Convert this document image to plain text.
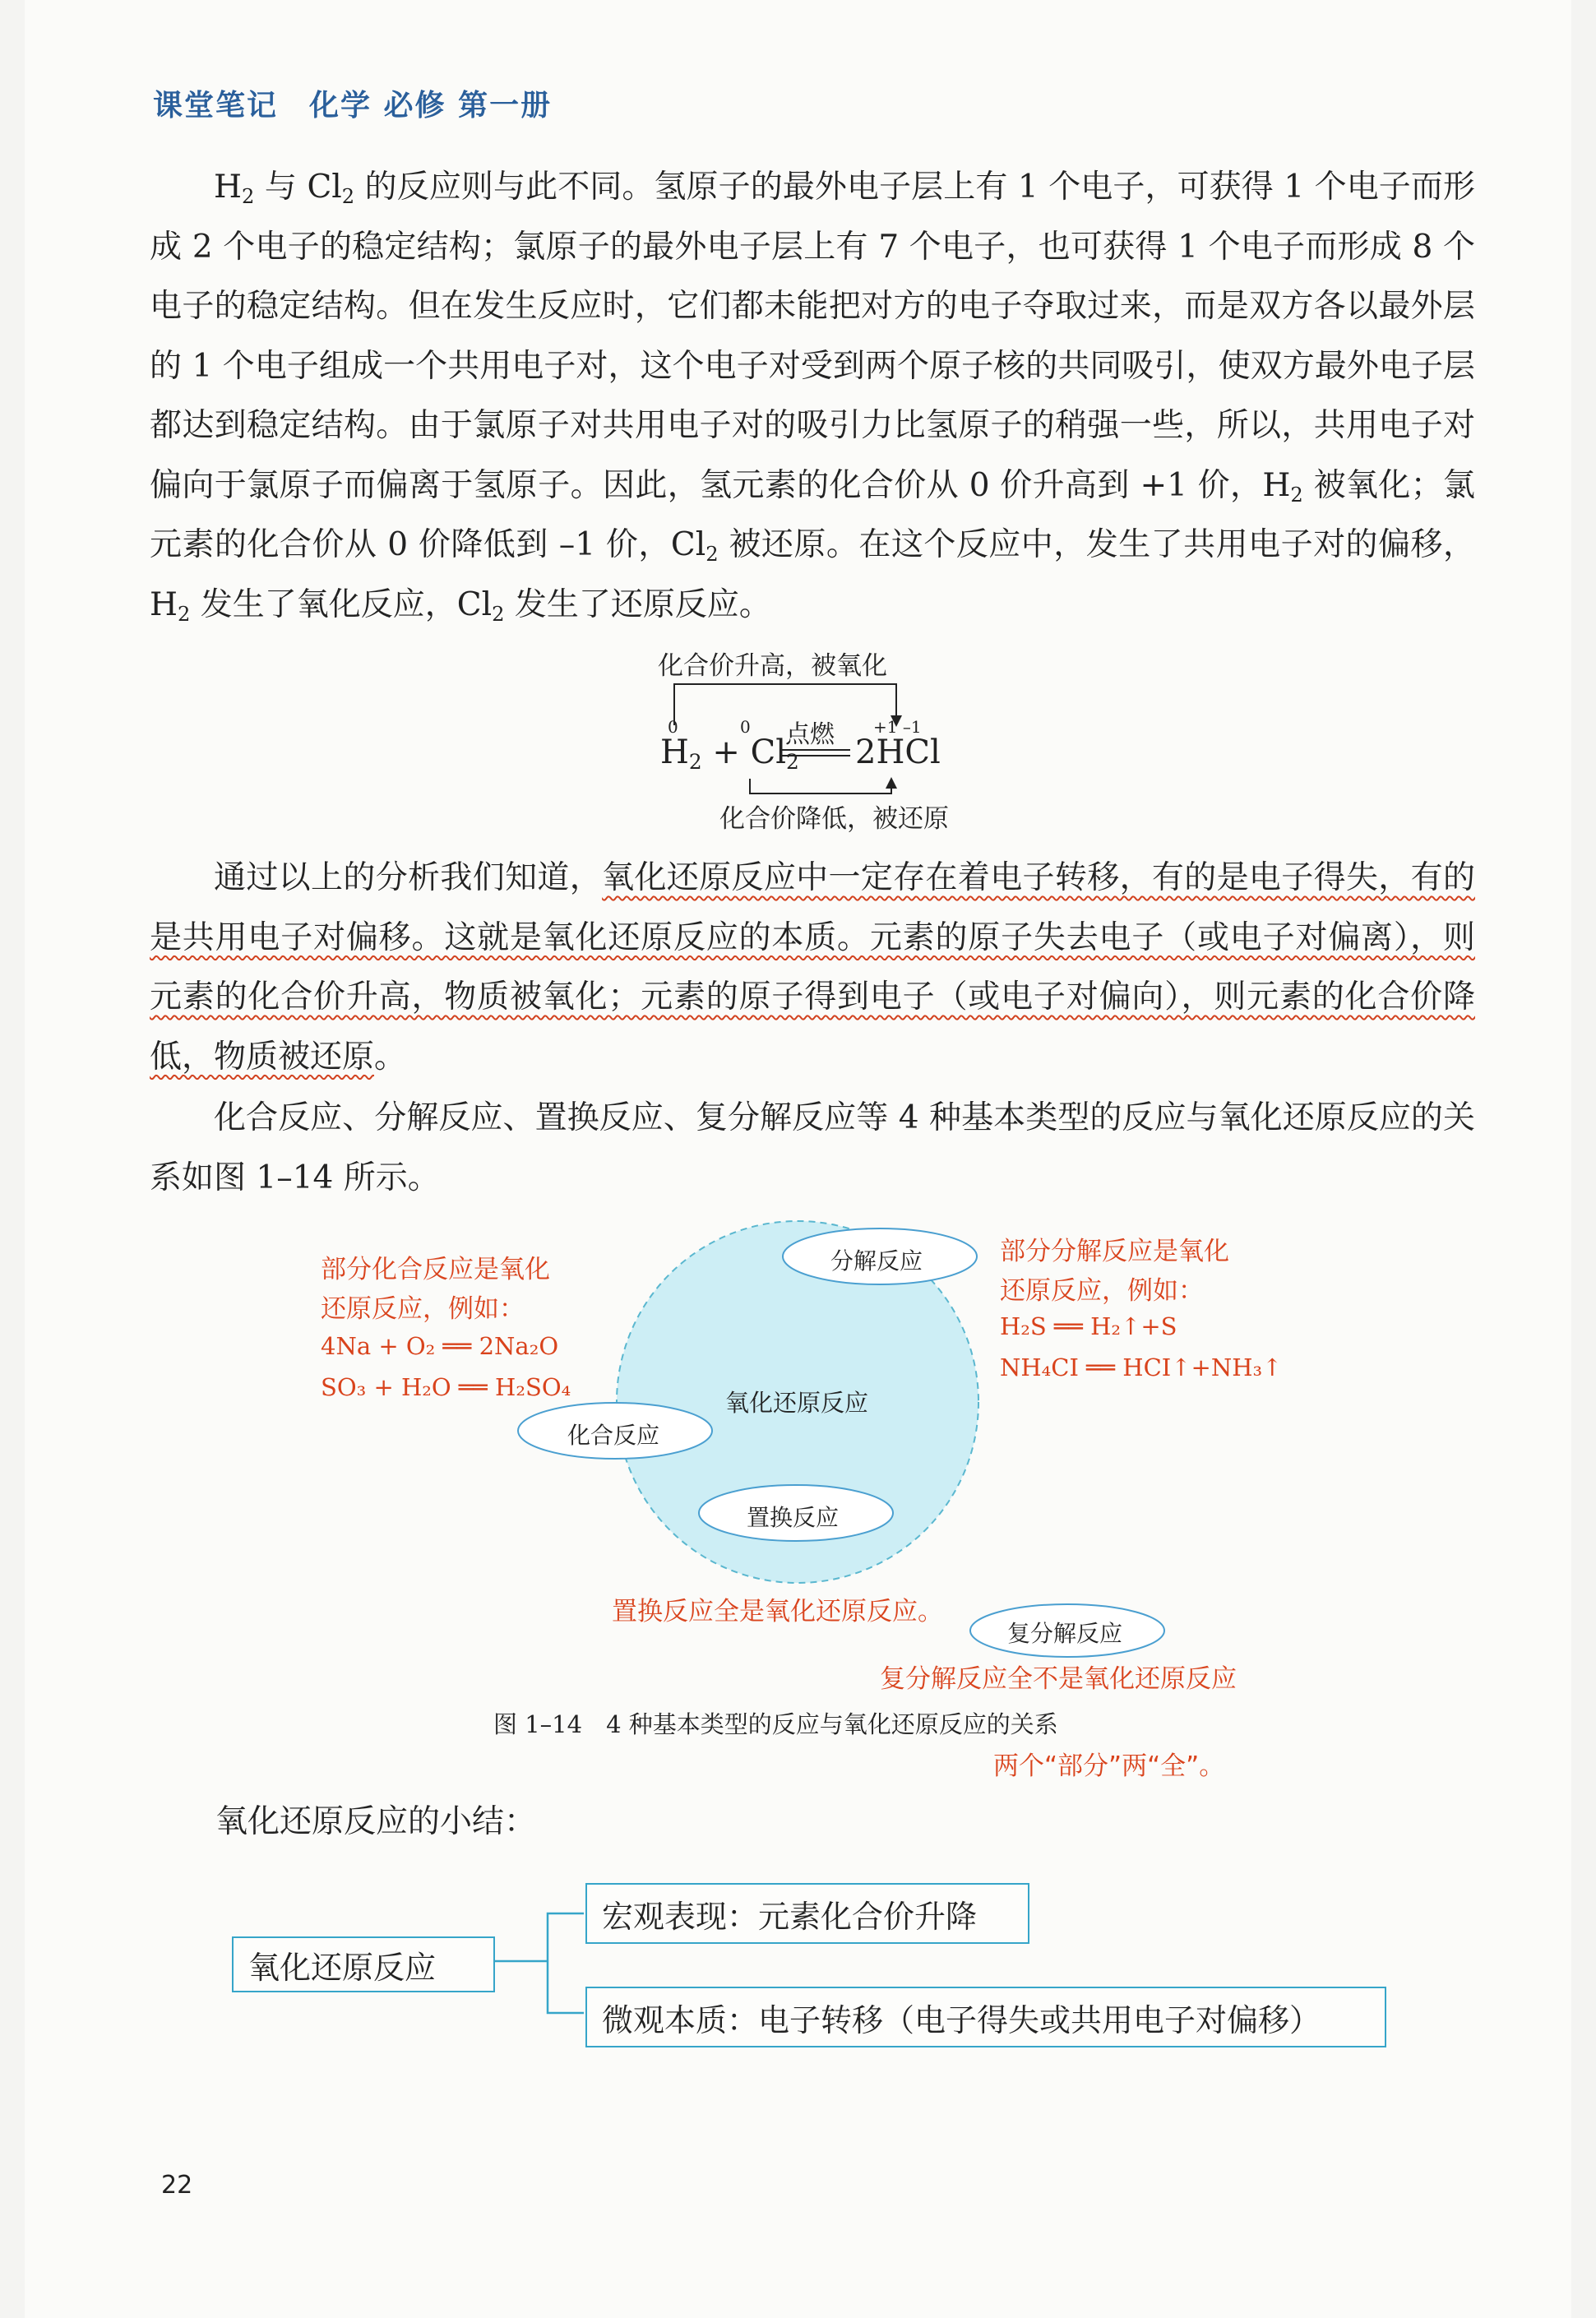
课堂笔记　化学 必修 第一册
$H_2$ 与 $Cl_2$ 的反应则与此不同。氢原子的最外电子层上有 1 个电子，可获得 1 个电子而形成 2 个电子的稳定结构；氯原子的最外电子层上有 7 个电子，也可获得 1 个电子而形成 8 个电子的稳定结构。但在发生反应时，它们都未能把对方的电子夺取过来，而是双方各以最外层的 1 个电子组成一个共用电子对，这个电子对受到两个原子核的共同吸引，使双方最外电子层都达到稳定结构。由于氯原子对共用电子对的吸引力比氢原子的稍强一些，所以，共用电子对偏向于氯原子而偏离于氢原子。因此，氢元素的化合价从 0 价升高到 +1 价，$H_2$ 被氧化；氯元素的化合价从 0 价降低到 –1 价，$Cl_2$ 被还原。在这个反应中，发生了共用电子对的偏移，$H_2$ 发生了氧化反应，$Cl_2$ 发生了还原反应。
化合价升高，被氧化
0	0	+1 –1
$H_2 + Cl_2$
点燃 2HCl
化合价降低，被还原
通过以上的分析我们知道，氧化还原反应中一定存在着电子转移，有的是电子得失，有的是共用电子对偏移。这就是氧化还原反应的本质。元素的原子失去电子（或电子对偏离），则元素的化合价升高，物质被氧化；元素的原子得到电子（或电子对偏向），则元素的化合价降低，物质被还原。
化合反应、分解反应、置换反应、复分解反应等 4 种基本类型的反应与氧化还原反应的关系如图 1–14 所示。
分解反应
化合反应
置换反应
复分解反应
氧化还原反应
部分化合反应是氧化
还原反应，例如：
4Na + O₂ ══ 2Na₂O
SO₃ + H₂O ══ H₂SO₄
部分分解反应是氧化
还原反应，例如：
H₂S ══ H₂↑+S
NH₄CI ══ HCI↑+NH₃↑
置换反应全是氧化还原反应。
复分解反应全不是氧化还原反应
图 1–14　4 种基本类型的反应与氧化还原反应的关系
两个“部分”两“全”。
氧化还原反应的小结：
氧化还原反应
宏观表现：元素化合价升降
微观本质：电子转移（电子得失或共用电子对偏移）
22
